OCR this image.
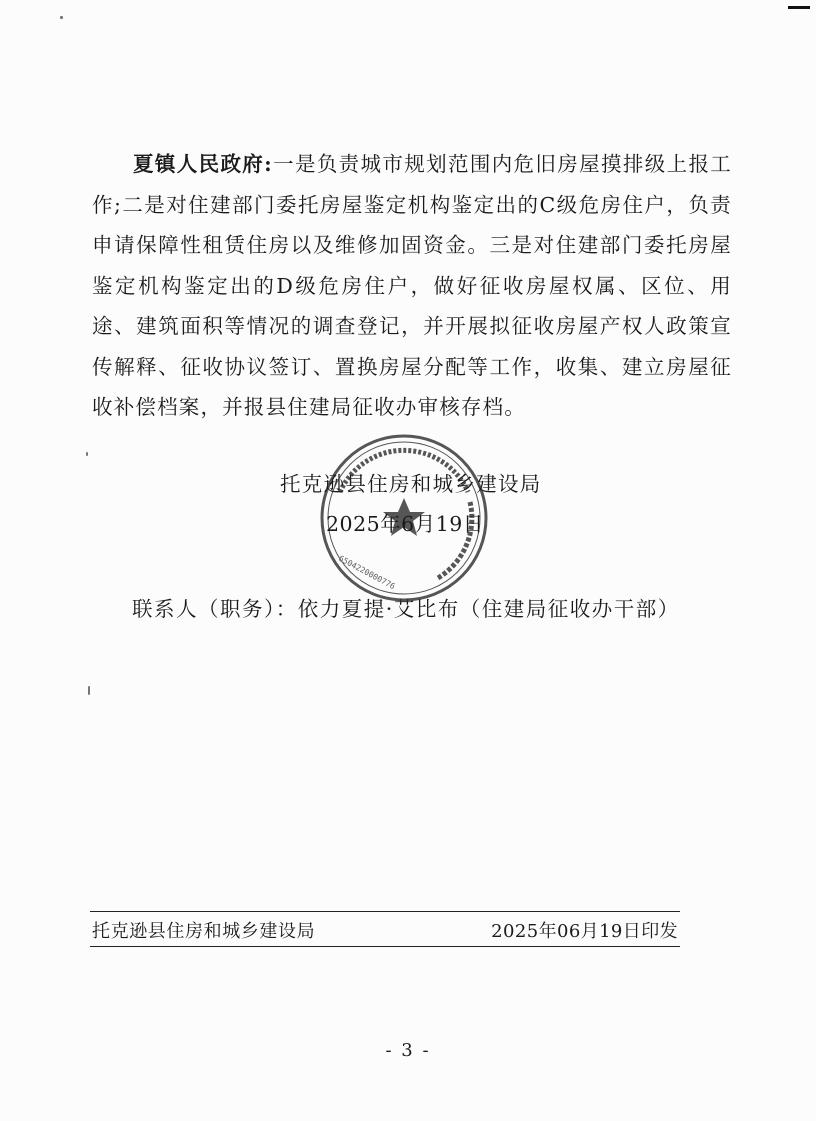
夏镇人民政府:一是负责城市规划范围内危旧房屋摸排级上报工作;二是对住建部门委托房屋鉴定机构鉴定出的C级危房住户，负责申请保障性租赁住房以及维修加固资金。三是对住建部门委托房屋鉴定机构鉴定出的D级危房住户，做好征收房屋权属、区位、用途、建筑面积等情况的调查登记，并开展拟征收房屋产权人政策宣传解释、征收协议签订、置换房屋分配等工作，收集、建立房屋征收补偿档案，并报县住建局征收办审核存档。

6504220000776

托克逊县住房和城乡建设局

2025年6月19日

联系人（职务）：依力夏提·艾比布（住建局征收办干部）

托克逊县住房和城乡建设局	2025年06月19日印发

- 3 -
